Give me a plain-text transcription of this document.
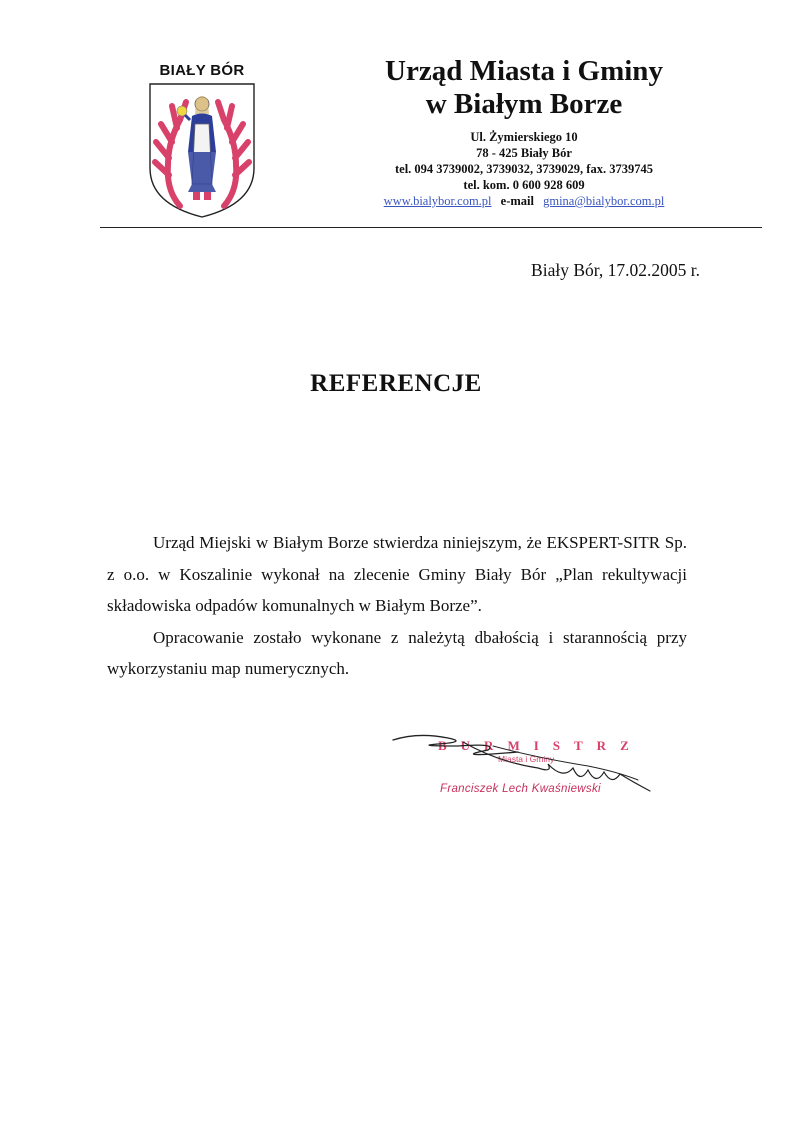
BIAŁY BÓR	Urząd Miasta i Gminy
w Białym Borze
Ul. Żymierskiego 10
78 - 425 Biały Bór
tel. 094 3739002, 3739032, 3739029, fax. 3739745
tel. kom. 0 600 928 609
www.bialybor.com.pl e-mail gmina@bialybor.com.pl
Biały Bór, 17.02.2005 r.
REFERENCJE

Urząd Miejski w Białym Borze stwierdza niniejszym, że EKSPERT-SITR Sp. z o.o. w Koszalinie wykonał na zlecenie Gminy Biały Bór „Plan rekultywacji składowiska odpadów komunalnych w Białym Borze”.

Opracowanie zostało wykonane z należytą dbałością i starannością przy wykorzystaniu map numerycznych.

BURMISTRZ
Miasta i Gminy
Franciszek Lech Kwaśniewski
